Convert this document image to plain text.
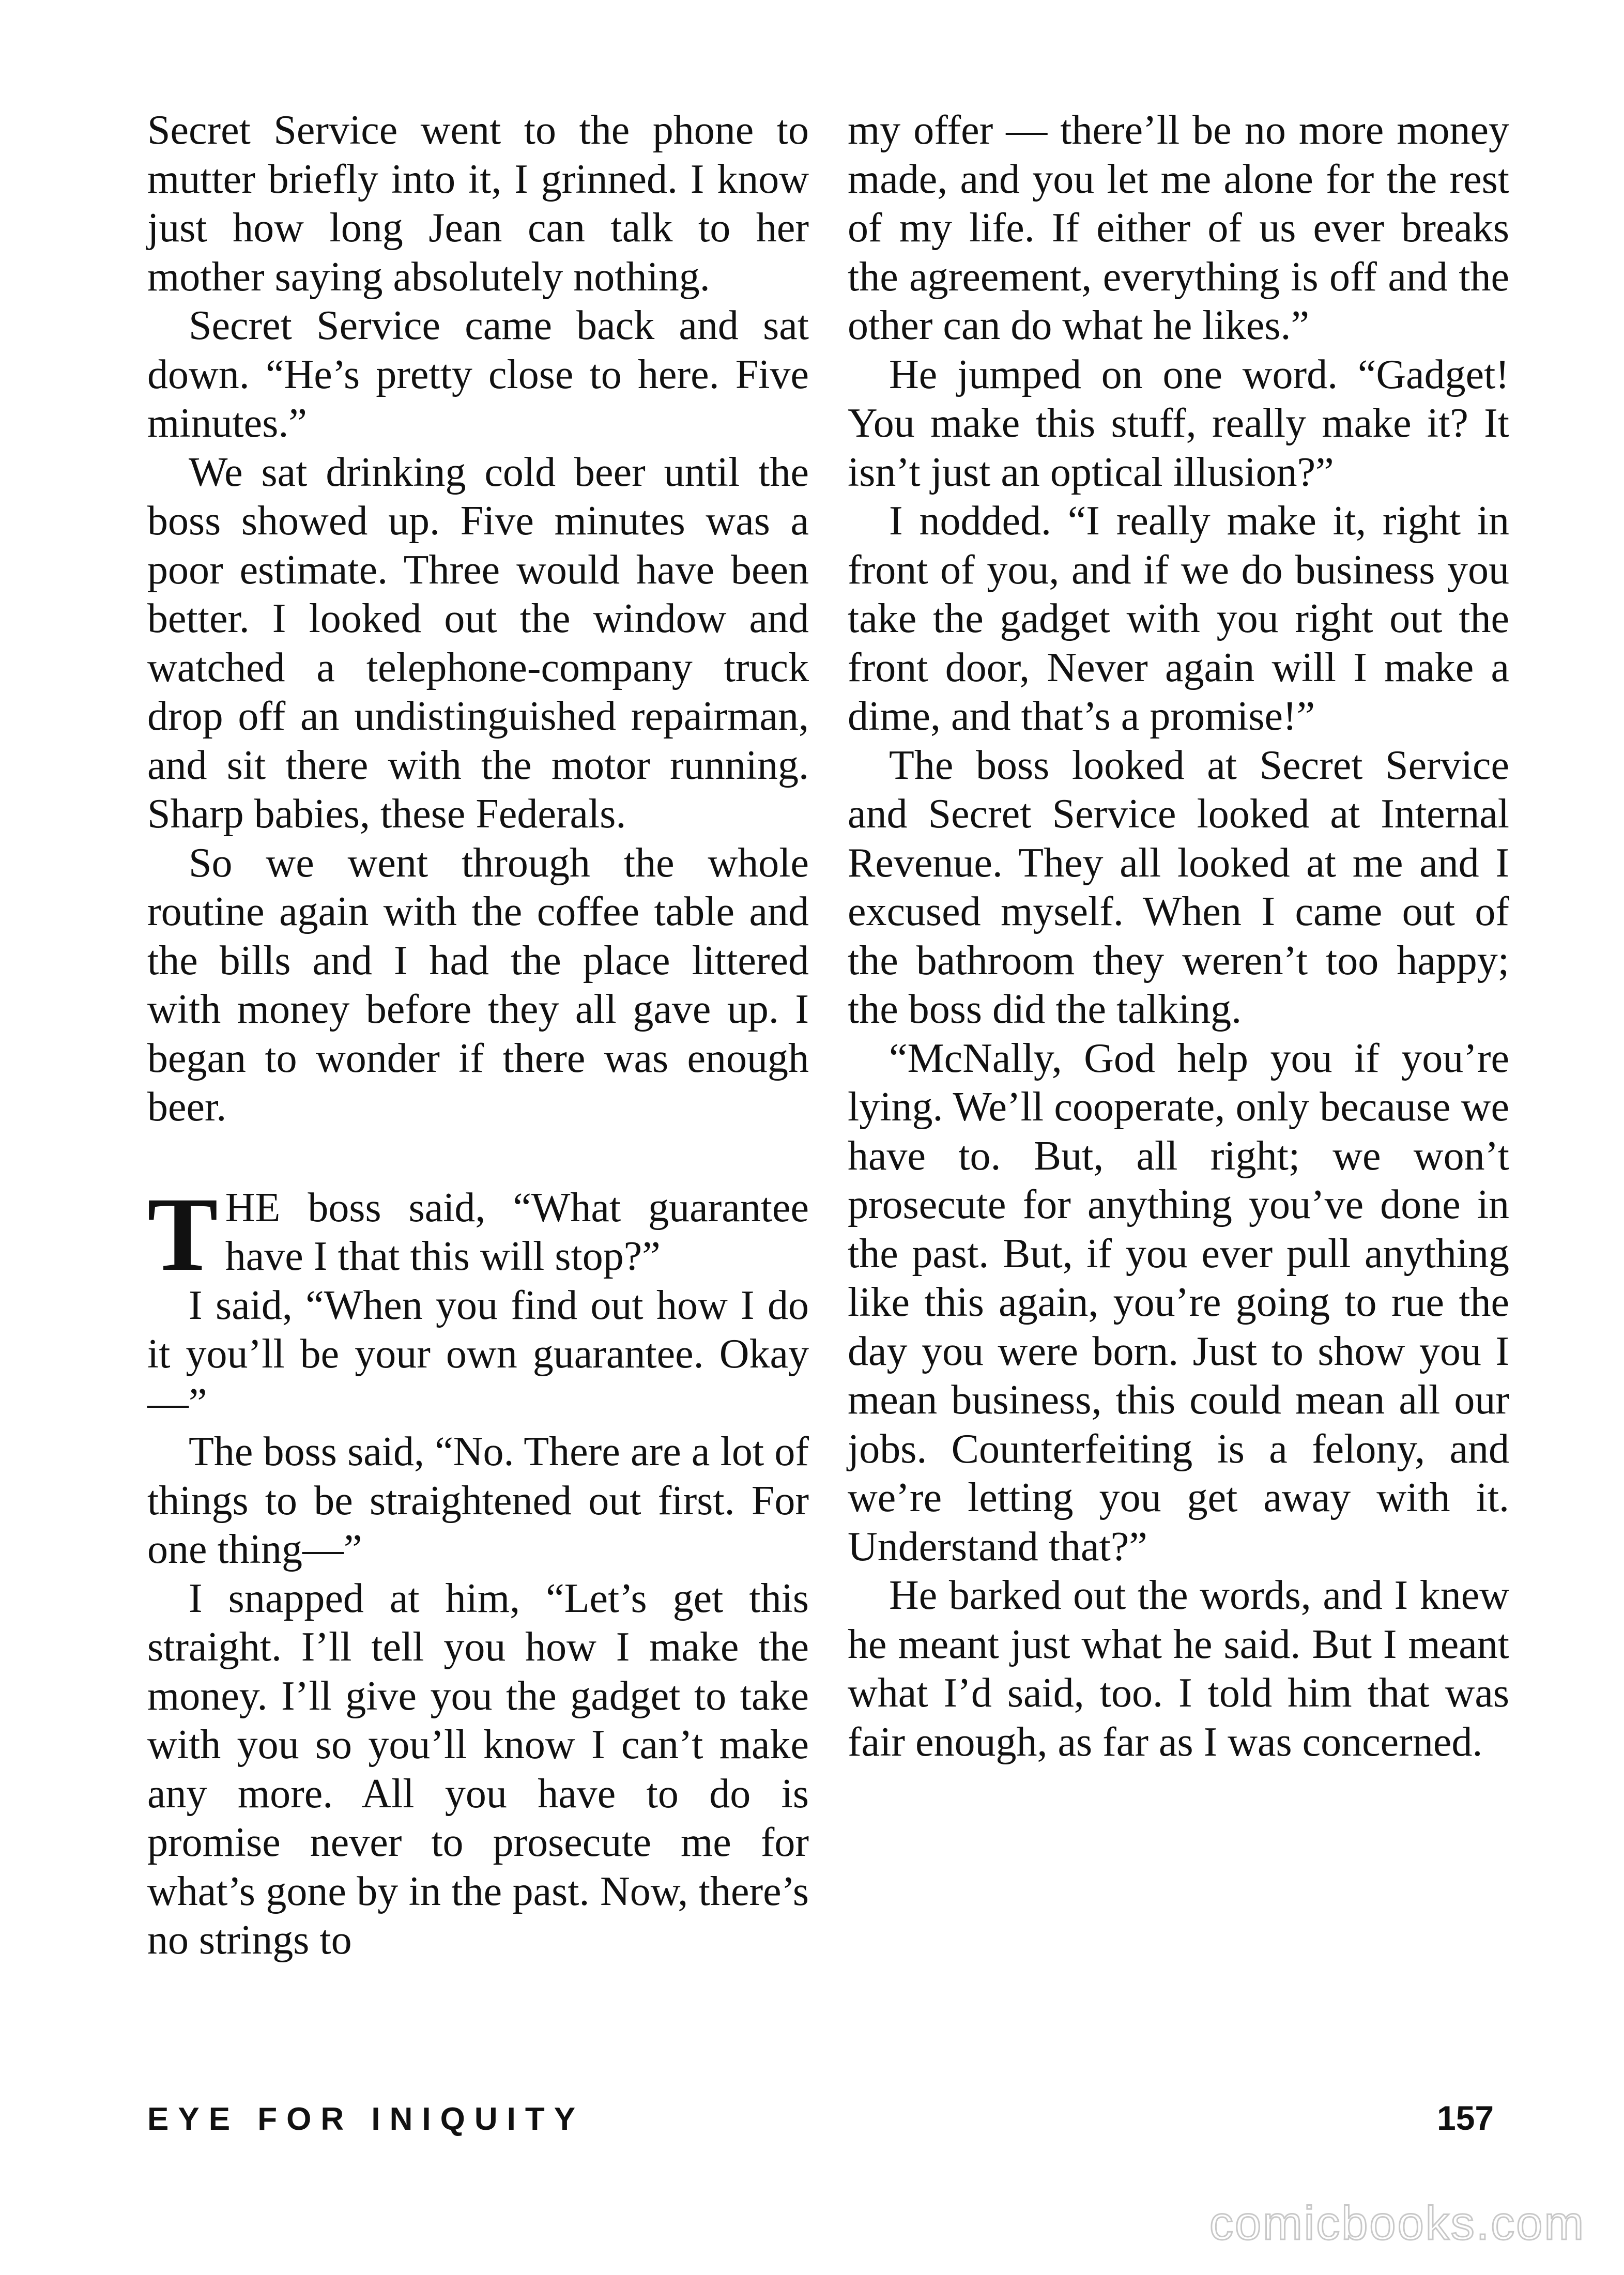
Secret Service went to the phone to mutter briefly into it, I grinned. I know just how long Jean can talk to her mother saying absolutely nothing.

Secret Service came back and sat down. “He’s pretty close to here. Five minutes.”

We sat drinking cold beer until the boss showed up. Five minutes was a poor estimate. Three would have been better. I looked out the window and watched a telephone-company truck drop off an undistinguished repairman, and sit there with the motor running. Sharp babies, these Federals.

So we went through the whole routine again with the coffee table and the bills and I had the place littered with money before they all gave up. I began to wonder if there was enough beer.

THE boss said, “What guarantee have I that this will stop?”

I said, “When you find out how I do it you’ll be your own guarantee. Okay—”

The boss said, “No. There are a lot of things to be straightened out first. For one thing—”

I snapped at him, “Let’s get this straight. I’ll tell you how I make the money. I’ll give you the gadget to take with you so you’ll know I can’t make any more. All you have to do is promise never to prosecute me for what’s gone by in the past. Now, there’s no strings to

my offer — there’ll be no more money made, and you let me alone for the rest of my life. If either of us ever breaks the agreement, everything is off and the other can do what he likes.”

He jumped on one word. “Gadget! You make this stuff, really make it? It isn’t just an optical illusion?”

I nodded. “I really make it, right in front of you, and if we do business you take the gadget with you right out the front door, Never again will I make a dime, and that’s a promise!”

The boss looked at Secret Service and Secret Service looked at Internal Revenue. They all looked at me and I excused myself. When I came out of the bathroom they weren’t too happy; the boss did the talking.

“McNally, God help you if you’re lying. We’ll cooperate, only because we have to. But, all right; we won’t prosecute for anything you’ve done in the past. But, if you ever pull anything like this again, you’re going to rue the day you were born. Just to show you I mean business, this could mean all our jobs. Counterfeiting is a felony, and we’re letting you get away with it. Understand that?”

He barked out the words, and I knew he meant just what he said. But I meant what I’d said, too. I told him that was fair enough, as far as I was concerned.

EYE FOR INIQUITY	157
comicbooks.com
